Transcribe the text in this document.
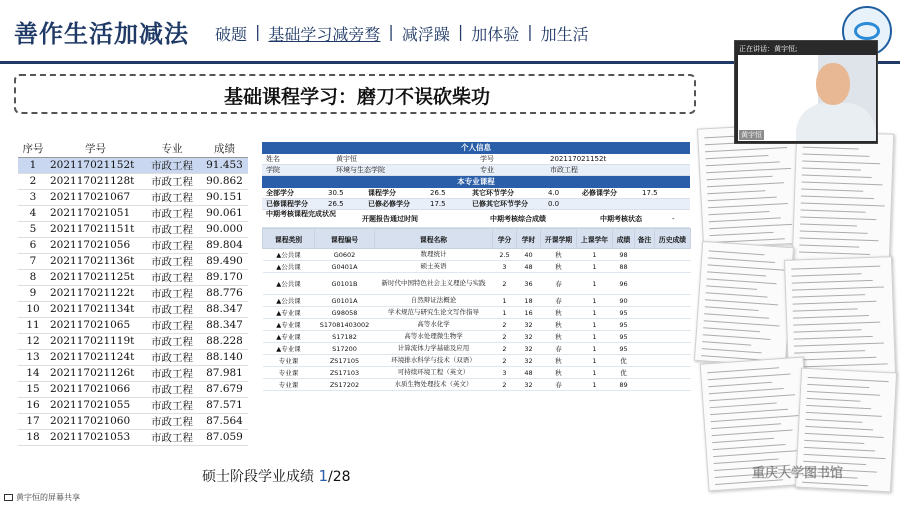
善作生活加减法 破题 | 基础学习减旁骛 | 减浮躁 | 加体验 | 加生活
基础课程学习：磨刀不误砍柴功
序号	学号	专业	成绩
1	202117021152t	市政工程	91.453
2	202117021128t	市政工程	90.862
3	202117021067	市政工程	90.151
4	202117021051	市政工程	90.061
5	202117021151t	市政工程	90.000
6	202117021056	市政工程	89.804
7	202117021136t	市政工程	89.490
8	202117021125t	市政工程	89.170
9	202117021122t	市政工程	88.776
10	202117021134t	市政工程	88.347
11	202117021065	市政工程	88.347
12	202117021119t	市政工程	88.228
13	202117021124t	市政工程	88.140
14	202117021126t	市政工程	87.981
15	202117021066	市政工程	87.679
16	202117021055	市政工程	87.571
17	202117021060	市政工程	87.564
18	202117021053	市政工程	87.059
个人信息
姓名	黄宇恒	学号	202117021152t
学院	环境与生态学院	专业	市政工程
本专业课程
全部学分	30.5	课程学分	26.5	其它环节学分	4.0	必修课学分	17.5
已修课程学分	26.5	已修必修学分	17.5	已修其它环节学分	0.0
中期考核课程完成状况
开题报告通过时间	中期考核综合成绩	中期考核状态	-
课程类别	课程编号	课程名称	学分	学时	开课学期	上课学年	成绩	备注	历史成绩
▲公共课	G0602	数理统计	2.5	40	秋	1	98		
▲公共课	G0401A	硕士英语	3	48	秋	1	88		
▲公共课	G0101B	新时代中国特色社会主义理论与实践	2	36	春	1	96		
▲公共课	G0101A	自然辩证法概论	1	18	春	1	90		
▲专业课	G98058	学术规范与研究生论文写作指导	1	16	秋	1	95		
▲专业课	S17081403002	高等水化学	2	32	秋	1	95		
▲专业课	S17182	高等水处理微生物学	2	32	秋	1	95		
▲专业课	S17200	计算流体力学基础及应用	2	32	春	1	95		
专业课	ZS17105	环境排水科学与技术（双语）	2	32	秋	1	优		
专业课	ZS17103	可持续环境工程（英文）	3	48	秋	1	优		
专业课	ZS17202	水质生物处理技术（英文）	2	32	春	1	89		
正在讲话：黄宇恒;
黄宇恒
硕士阶段学业成绩 1/28	重庆大学图书馆
黄宇恒的屏幕共享
